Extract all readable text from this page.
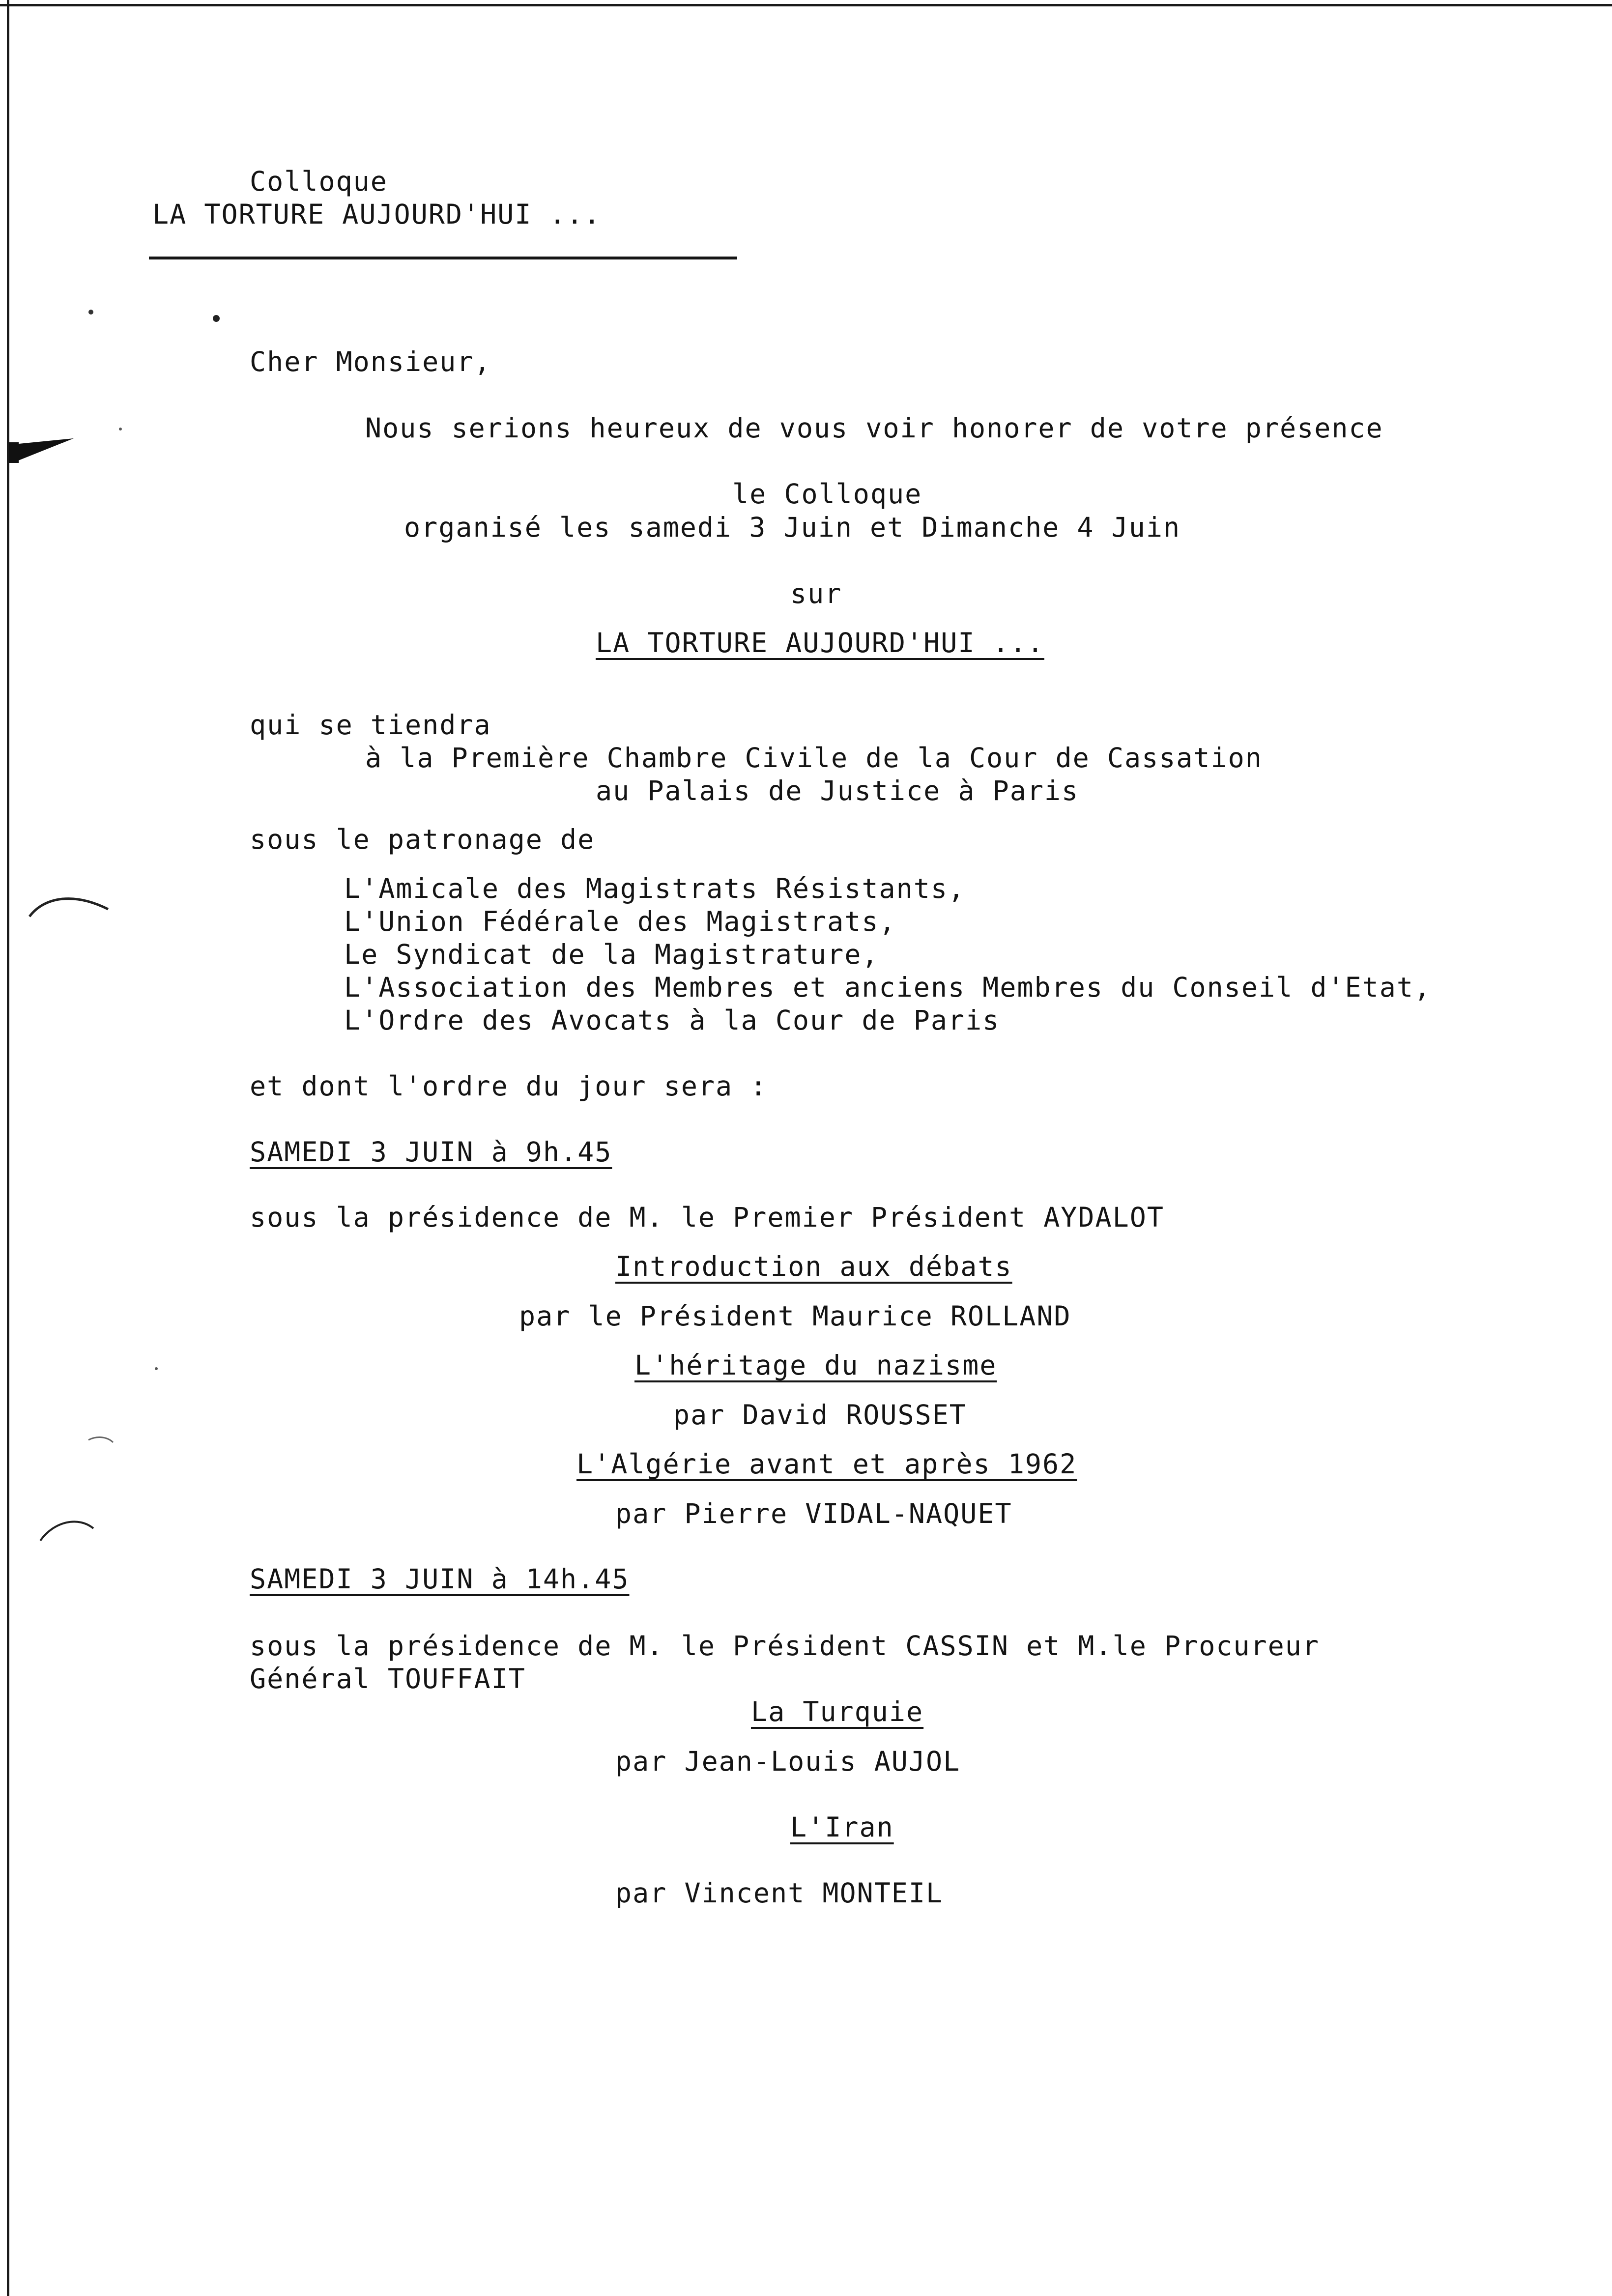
Colloque

LA TORTURE AUJOURD'HUI ...

Cher Monsieur,

Nous serions heureux de vous voir honorer de votre présence

le Colloque

organisé les samedi 3 Juin et Dimanche 4 Juin

sur

LA TORTURE AUJOURD'HUI ...

qui se tiendra

à la Première Chambre Civile de la Cour de Cassation

au Palais de Justice à Paris

sous le patronage de

L'Amicale des Magistrats Résistants,

L'Union Fédérale des Magistrats,

Le Syndicat de la Magistrature,

L'Association des Membres et anciens Membres du Conseil d'Etat,

L'Ordre des Avocats à la Cour de Paris

et dont l'ordre du jour sera :

SAMEDI 3 JUIN à 9h.45

sous la présidence de M. le Premier Président AYDALOT

Introduction aux débats

par le Président Maurice ROLLAND

L'héritage du nazisme

par David ROUSSET

L'Algérie avant et après 1962

par Pierre VIDAL-NAQUET

SAMEDI 3 JUIN à 14h.45

sous la présidence de M. le Président CASSIN et M.le Procureur

Général TOUFFAIT

La Turquie

par Jean-Louis AUJOL

L'Iran

par Vincent MONTEIL
